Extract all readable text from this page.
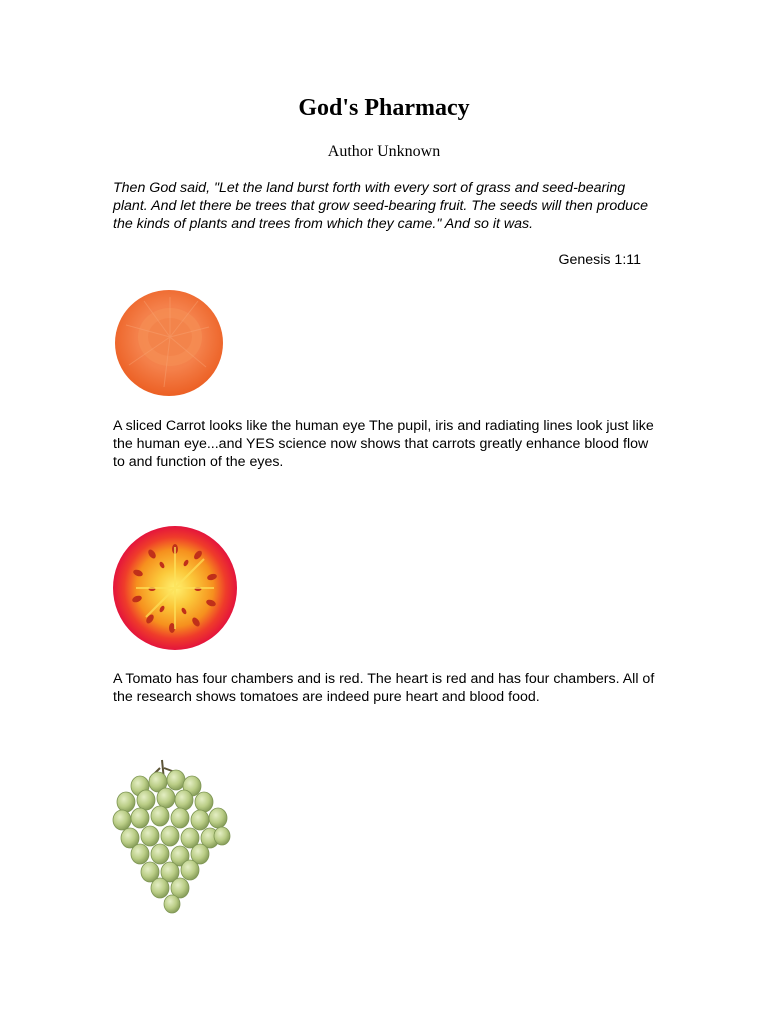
God's Pharmacy
Author Unknown
Then God said, "Let the land burst forth with every sort of grass and seed-bearing plant. And let there be trees that grow seed-bearing fruit. The seeds will then produce the kinds of plants and trees from which they came." And so it was.
Genesis 1:11
A sliced Carrot looks like the human eye The pupil, iris and radiating lines look just like the human eye...and YES science now shows that carrots greatly enhance blood flow to and function of the eyes.
A Tomato has four chambers and is red. The heart is red and has four chambers. All of the research shows tomatoes are indeed pure heart and blood food.
